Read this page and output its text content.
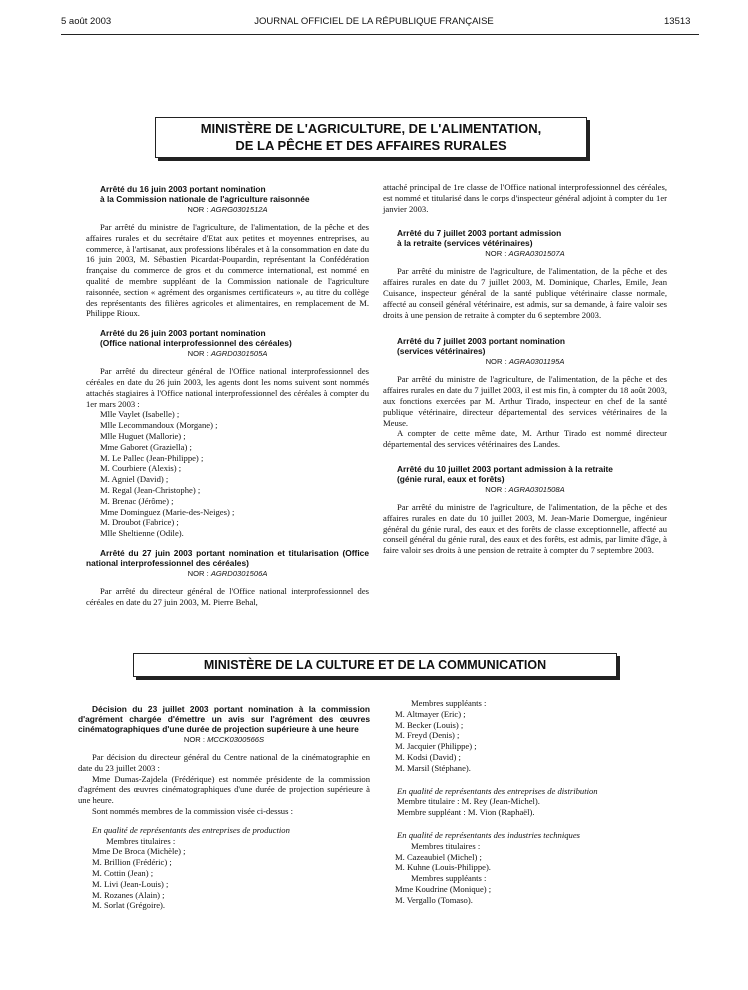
5 août 2003	JOURNAL OFFICIEL DE LA RÉPUBLIQUE FRANÇAISE	13513
MINISTÈRE DE L'AGRICULTURE, DE L'ALIMENTATION,
DE LA PÊCHE ET DES AFFAIRES RURALES

Arrêté du 16 juin 2003 portant nomination

à la Commission nationale de l'agriculture raisonnée

NOR : AGRG0301512A

Par arrêté du ministre de l'agriculture, de l'alimentation, de la pêche et des affaires rurales et du secrétaire d'Etat aux petites et moyennes entreprises, au commerce, à l'artisanat, aux professions libérales et à la consommation en date du 16 juin 2003, M. Sébastien Picardat-Poupardin, représentant la Confédération française du commerce de gros et du commerce international, est nommé en qualité de membre suppléant de la Commission nationale de l'agriculture raisonnée, section « agrément des organismes certificateurs », au titre du collège des représentants des filières agricoles et alimentaires, en remplacement de M. Philippe Rioux.

Arrêté du 26 juin 2003 portant nomination

(Office national interprofessionnel des céréales)

NOR : AGRD0301505A

Par arrêté du directeur général de l'Office national interprofessionnel des céréales en date du 26 juin 2003, les agents dont les noms suivent sont nommés attachés stagiaires à l'Office national interprofessionnel des céréales à compter du 1er mars 2003 :

Mlle Vaylet (Isabelle) ;
Mlle Lecommandoux (Morgane) ;
Mlle Huguet (Mallorie) ;
Mme Gaboret (Graziella) ;
M. Le Pallec (Jean-Philippe) ;
M. Courbiere (Alexis) ;
M. Agniel (David) ;
M. Regal (Jean-Christophe) ;
M. Brenac (Jérôme) ;
Mme Dominguez (Marie-des-Neiges) ;
M. Droubot (Fabrice) ;
Mlle Sheltienne (Odile).

Arrêté du 27 juin 2003 portant nomination et titularisation (Office national interprofessionnel des céréales)

NOR : AGRD0301506A

Par arrêté du directeur général de l'Office national interprofessionnel des céréales en date du 27 juin 2003, M. Pierre Behal,

attaché principal de 1re classe de l'Office national interprofessionnel des céréales, est nommé et titularisé dans le corps d'inspecteur général adjoint à compter du 1er janvier 2003.

Arrêté du 7 juillet 2003 portant admission

à la retraite (services vétérinaires)

NOR : AGRA0301507A

Par arrêté du ministre de l'agriculture, de l'alimentation, de la pêche et des affaires rurales en date du 7 juillet 2003, M. Dominique, Charles, Emile, Jean Cuisance, inspecteur général de la santé publique vétérinaire classe normale, affecté au conseil général vétérinaire, est admis, sur sa demande, à faire valoir ses droits à une pension de retraite à compter du 6 septembre 2003.

Arrêté du 7 juillet 2003 portant nomination

(services vétérinaires)

NOR : AGRA0301195A

Par arrêté du ministre de l'agriculture, de l'alimentation, de la pêche et des affaires rurales en date du 7 juillet 2003, il est mis fin, à compter du 18 août 2003, aux fonctions exercées par M. Arthur Tirado, inspecteur en chef de la santé publique vétérinaire, directeur départemental des services vétérinaires de la Meuse.

A compter de cette même date, M. Arthur Tirado est nommé directeur départemental des services vétérinaires des Landes.

Arrêté du 10 juillet 2003 portant admission à la retraite

(génie rural, eaux et forêts)

NOR : AGRA0301508A

Par arrêté du ministre de l'agriculture, de l'alimentation, de la pêche et des affaires rurales en date du 10 juillet 2003, M. Jean-Marie Domergue, ingénieur général du génie rural, des eaux et des forêts de classe exceptionnelle, affecté au conseil général du génie rural, des eaux et des forêts, est admis, par limite d'âge, à faire valoir ses droits à une pension de retraite à compter du 7 septembre 2003.

MINISTÈRE DE LA CULTURE ET DE LA COMMUNICATION

Décision du 23 juillet 2003 portant nomination à la commission d'agrément chargée d'émettre un avis sur l'agrément des œuvres cinématographiques d'une durée de projection supérieure à une heure

NOR : MCCK0300566S

Par décision du directeur général du Centre national de la cinématographie en date du 23 juillet 2003 :

Mme Dumas-Zajdela (Frédérique) est nommée présidente de la commission d'agrément des œuvres cinématographiques d'une durée de projection supérieure à une heure.

Sont nommés membres de la commission visée ci-dessus :

En qualité de représentants des entreprises de production

Membres titulaires :

Mme De Broca (Michèle) ;
M. Brillion (Frédéric) ;
M. Cottin (Jean) ;
M. Livi (Jean-Louis) ;
M. Rozanes (Alain) ;
M. Sorlat (Grégoire).

Membres suppléants :

M. Altmayer (Eric) ;
M. Becker (Louis) ;
M. Freyd (Denis) ;
M. Jacquier (Philippe) ;
M. Kodsi (David) ;
M. Marsil (Stéphane).

En qualité de représentants des entreprises de distribution

Membre titulaire : M. Rey (Jean-Michel).

Membre suppléant : M. Vion (Raphaël).

En qualité de représentants des industries techniques

Membres titulaires :

M. Cazeaubiel (Michel) ;
M. Kuhne (Louis-Philippe).

Membres suppléants :

Mme Koudrine (Monique) ;
M. Vergallo (Tomaso).
